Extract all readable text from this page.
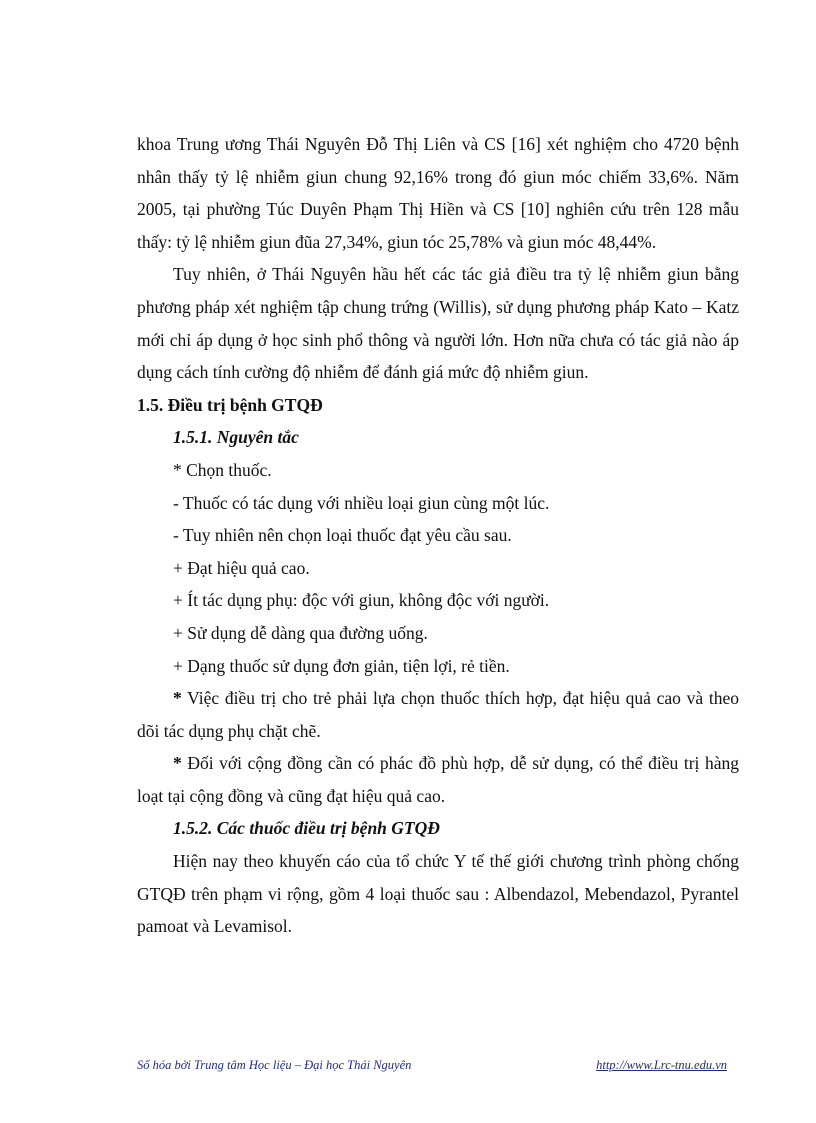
khoa Trung ương Thái Nguyên Đỗ Thị Liên và CS [16] xét nghiệm cho 4720 bệnh nhân thấy tỷ lệ nhiễm giun chung 92,16% trong đó giun móc chiếm 33,6%. Năm 2005, tại phường Túc Duyên Phạm Thị Hiền và CS [10] nghiên cứu trên 128 mẫu thấy: tỷ lệ nhiễm giun đũa 27,34%, giun tóc 25,78% và giun móc 48,44%.

Tuy nhiên, ở Thái Nguyên hầu hết các tác giả điều tra tỷ lệ nhiễm giun bằng phương pháp xét nghiệm tập chung trứng (Willis), sử dụng phương pháp Kato – Katz mới chỉ áp dụng ở học sinh phổ thông và người lớn. Hơn nữa chưa có tác giả nào áp dụng cách tính cường độ nhiễm để đánh giá mức độ nhiễm giun.

1.5. Điều trị bệnh GTQĐ

1.5.1. Nguyên tắc

* Chọn thuốc.

- Thuốc có tác dụng với nhiều loại giun cùng một lúc.

- Tuy nhiên nên chọn loại thuốc đạt yêu cầu sau.

+ Đạt hiệu quả cao.

+ Ít tác dụng phụ: độc với giun, không độc với người.

+ Sử dụng dễ dàng qua đường uống.

+ Dạng thuốc sử dụng đơn giản, tiện lợi, rẻ tiền.

* Việc điều trị cho trẻ phải lựa chọn thuốc thích hợp, đạt hiệu quả cao và theo dõi tác dụng phụ chặt chẽ.

* Đối với cộng đồng cần có phác đồ phù hợp, dễ sử dụng, có thể điều trị hàng loạt tại cộng đồng và cũng đạt hiệu quả cao.

1.5.2. Các thuốc điều trị bệnh GTQĐ

Hiện nay theo khuyến cáo của tổ chức Y tế thế giới chương trình phòng chống GTQĐ trên phạm vi rộng, gồm 4 loại thuốc sau : Albendazol, Mebendazol, Pyrantel pamoat và Levamisol.

Số hóa bởi Trung tâm Học liệu – Đại học Thái Nguyên	http://www.Lrc-tnu.edu.vn
